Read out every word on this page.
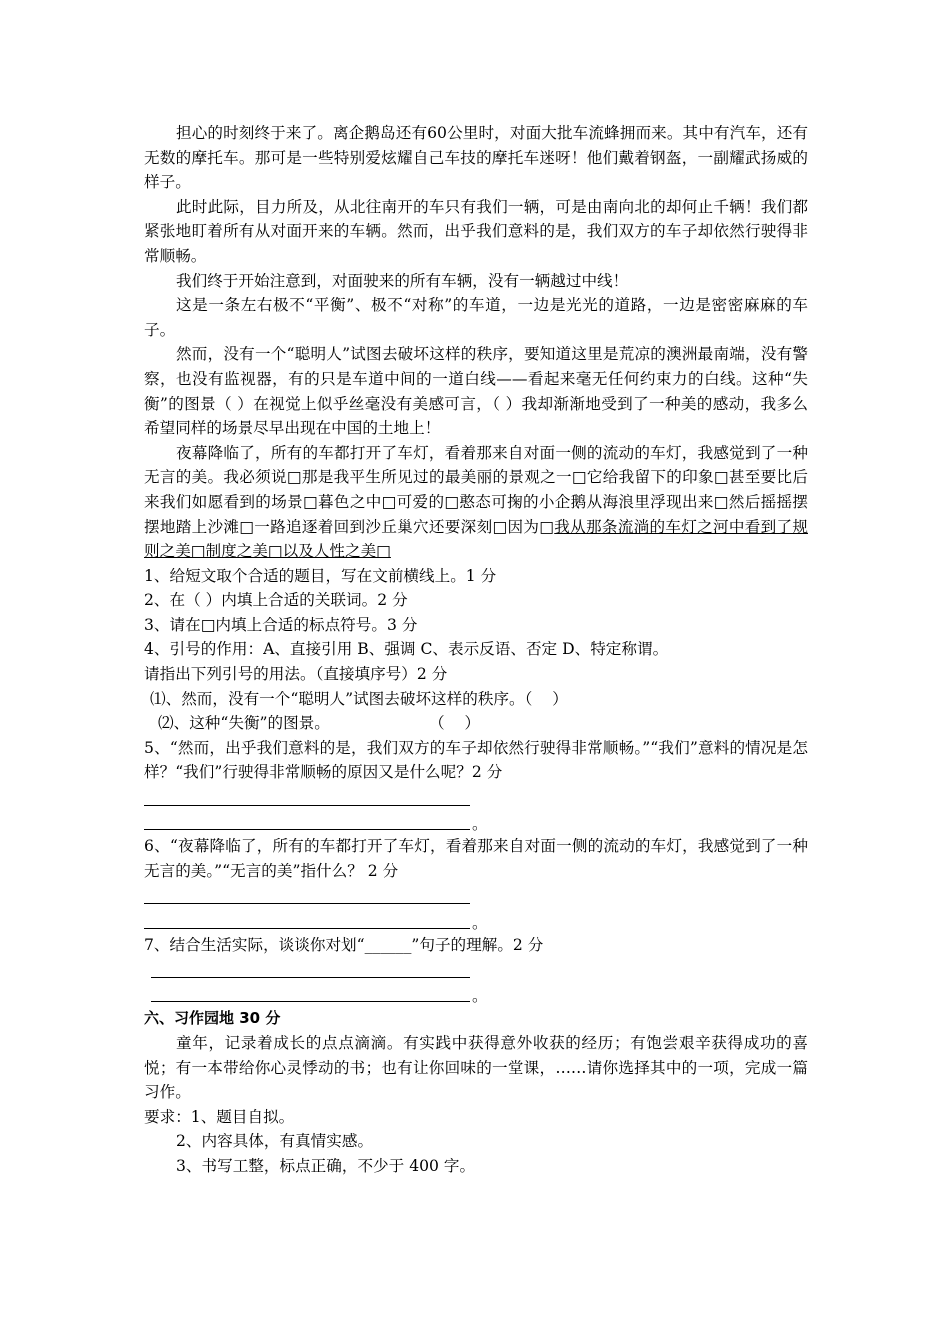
担心的时刻终于来了。离企鹅岛还有60公里时，对面大批车流蜂拥而来。其中有汽车，还有无数的摩托车。那可是一些特别爱炫耀自己车技的摩托车迷呀！他们戴着钢盔，一副耀武扬威的样子。

此时此际，目力所及，从北往南开的车只有我们一辆，可是由南向北的却何止千辆！我们都紧张地盯着所有从对面开来的车辆。然而，出乎我们意料的是，我们双方的车子却依然行驶得非常顺畅。

我们终于开始注意到，对面驶来的所有车辆，没有一辆越过中线！

这是一条左右极不“平衡”、极不“对称”的车道，一边是光光的道路，一边是密密麻麻的车子。

然而，没有一个“聪明人”试图去破坏这样的秩序，要知道这里是荒凉的澳洲最南端，没有警察，也没有监视器，有的只是车道中间的一道白线——看起来毫无任何约束力的白线。这种“失衡”的图景（ ）在视觉上似乎丝毫没有美感可言，（ ）我却渐渐地受到了一种美的感动，我多么希望同样的场景尽早出现在中国的土地上！

夜幕降临了，所有的车都打开了车灯，看着那来自对面一侧的流动的车灯，我感觉到了一种无言的美。我必须说□那是我平生所见过的最美丽的景观之一□它给我留下的印象□甚至要比后来我们如愿看到的场景□暮色之中□可爱的□憨态可掬的小企鹅从海浪里浮现出来□然后摇摇摆摆地踏上沙滩□一路追逐着回到沙丘巢穴还要深刻□因为□我从那条流淌的车灯之河中看到了规则之美□制度之美□以及人性之美□

1、给短文取个合适的题目，写在文前横线上。1 分

2、在（ ）内填上合适的关联词。2 分

3、请在□内填上合适的标点符号。3 分

4、引号的作用：A、直接引用 B、强调 C、表示反语、否定 D、特定称谓。

请指出下列引号的用法。（直接填序号）2 分

⑴、然而，没有一个“聪明人”试图去破坏这样的秩序。（    ）

⑵、这种“失衡”的图景。                    （    ）

5、“然而，出乎我们意料的是，我们双方的车子却依然行驶得非常顺畅。”“我们”意料的情况是怎样？“我们”行驶得非常顺畅的原因又是什么呢？2 分

。

6、“夜幕降临了，所有的车都打开了车灯，看着那来自对面一侧的流动的车灯，我感觉到了一种无言的美。”“无言的美”指什么？ 2 分

。

7、结合生活实际，谈谈你对划“______”句子的理解。2 分

。

六、习作园地 30 分

童年，记录着成长的点点滴滴。有实践中获得意外收获的经历；有饱尝艰辛获得成功的喜悦；有一本带给你心灵悸动的书；也有让你回味的一堂课，……请你选择其中的一项，完成一篇习作。

要求：1、题目自拟。

2、内容具体，有真情实感。

3、书写工整，标点正确，不少于 400 字。
